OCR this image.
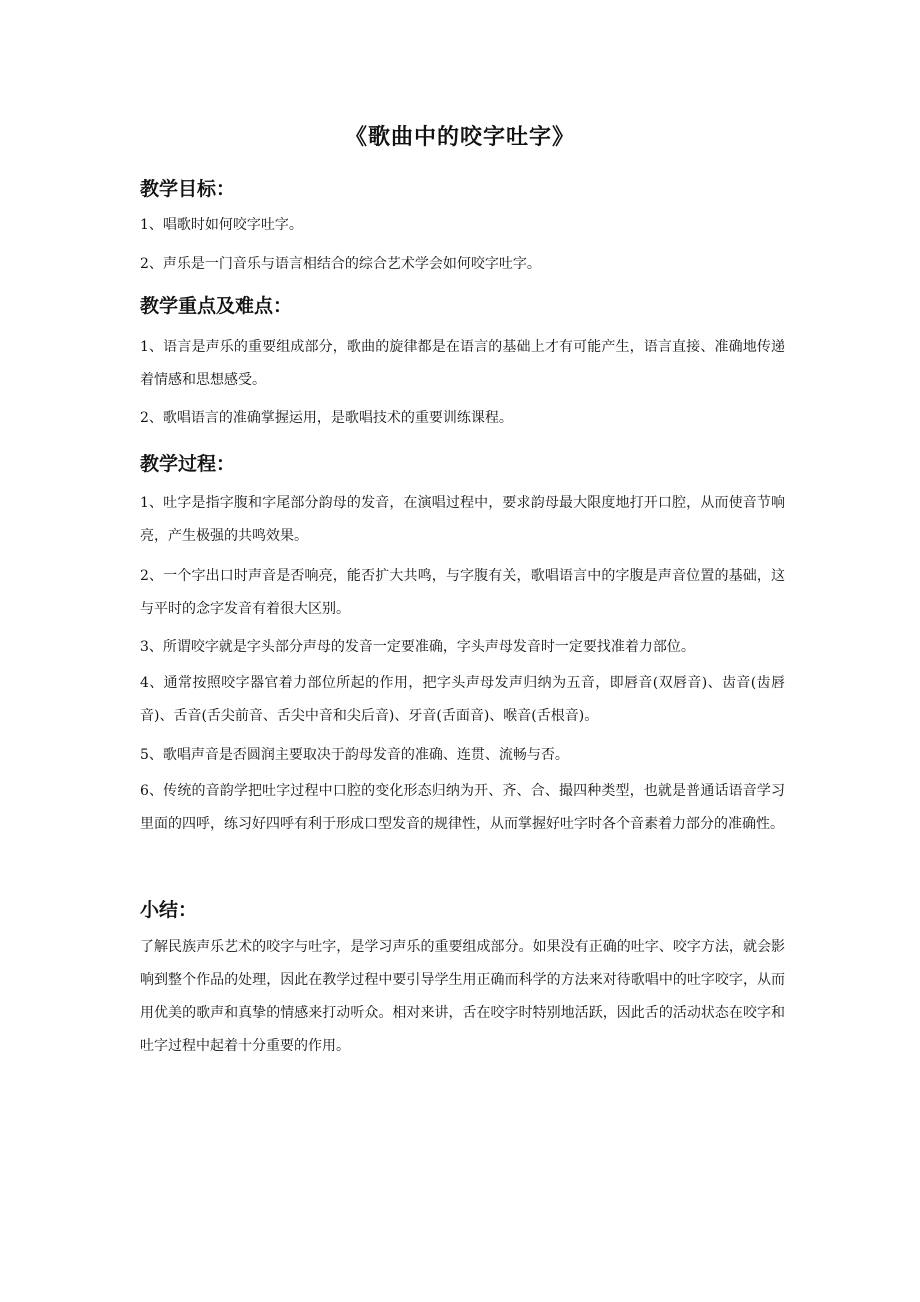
《歌曲中的咬字吐字》
教学目标：
1、唱歌时如何咬字吐字。
2、声乐是一门音乐与语言相结合的综合艺术学会如何咬字吐字。
教学重点及难点：
1、语言是声乐的重要组成部分，歌曲的旋律都是在语言的基础上才有可能产生，语言直接、准确地传递着情感和思想感受。
2、歌唱语言的准确掌握运用，是歌唱技术的重要训练课程。
教学过程：
1、吐字是指字腹和字尾部分韵母的发音，在演唱过程中，要求韵母最大限度地打开口腔，从而使音节响亮，产生极强的共鸣效果。
2、一个字出口时声音是否响亮，能否扩大共鸣，与字腹有关，歌唱语言中的字腹是声音位置的基础，这与平时的念字发音有着很大区别。
3、所谓咬字就是字头部分声母的发音一定要准确，字头声母发音时一定要找准着力部位。
4、通常按照咬字器官着力部位所起的作用，把字头声母发声归纳为五音，即唇音(双唇音)、齿音(齿唇音)、舌音(舌尖前音、舌尖中音和尖后音)、牙音(舌面音)、喉音(舌根音)。
5、歌唱声音是否圆润主要取决于韵母发音的准确、连贯、流畅与否。
6、传统的音韵学把吐字过程中口腔的变化形态归纳为开、齐、合、撮四种类型，也就是普通话语音学习里面的四呼，练习好四呼有利于形成口型发音的规律性，从而掌握好吐字时各个音素着力部分的准确性。
小结：
了解民族声乐艺术的咬字与吐字，是学习声乐的重要组成部分。如果没有正确的吐字、咬字方法，就会影响到整个作品的处理，因此在教学过程中要引导学生用正确而科学的方法来对待歌唱中的吐字咬字，从而用优美的歌声和真挚的情感来打动听众。相对来讲，舌在咬字时特别地活跃，因此舌的活动状态在咬字和吐字过程中起着十分重要的作用。
